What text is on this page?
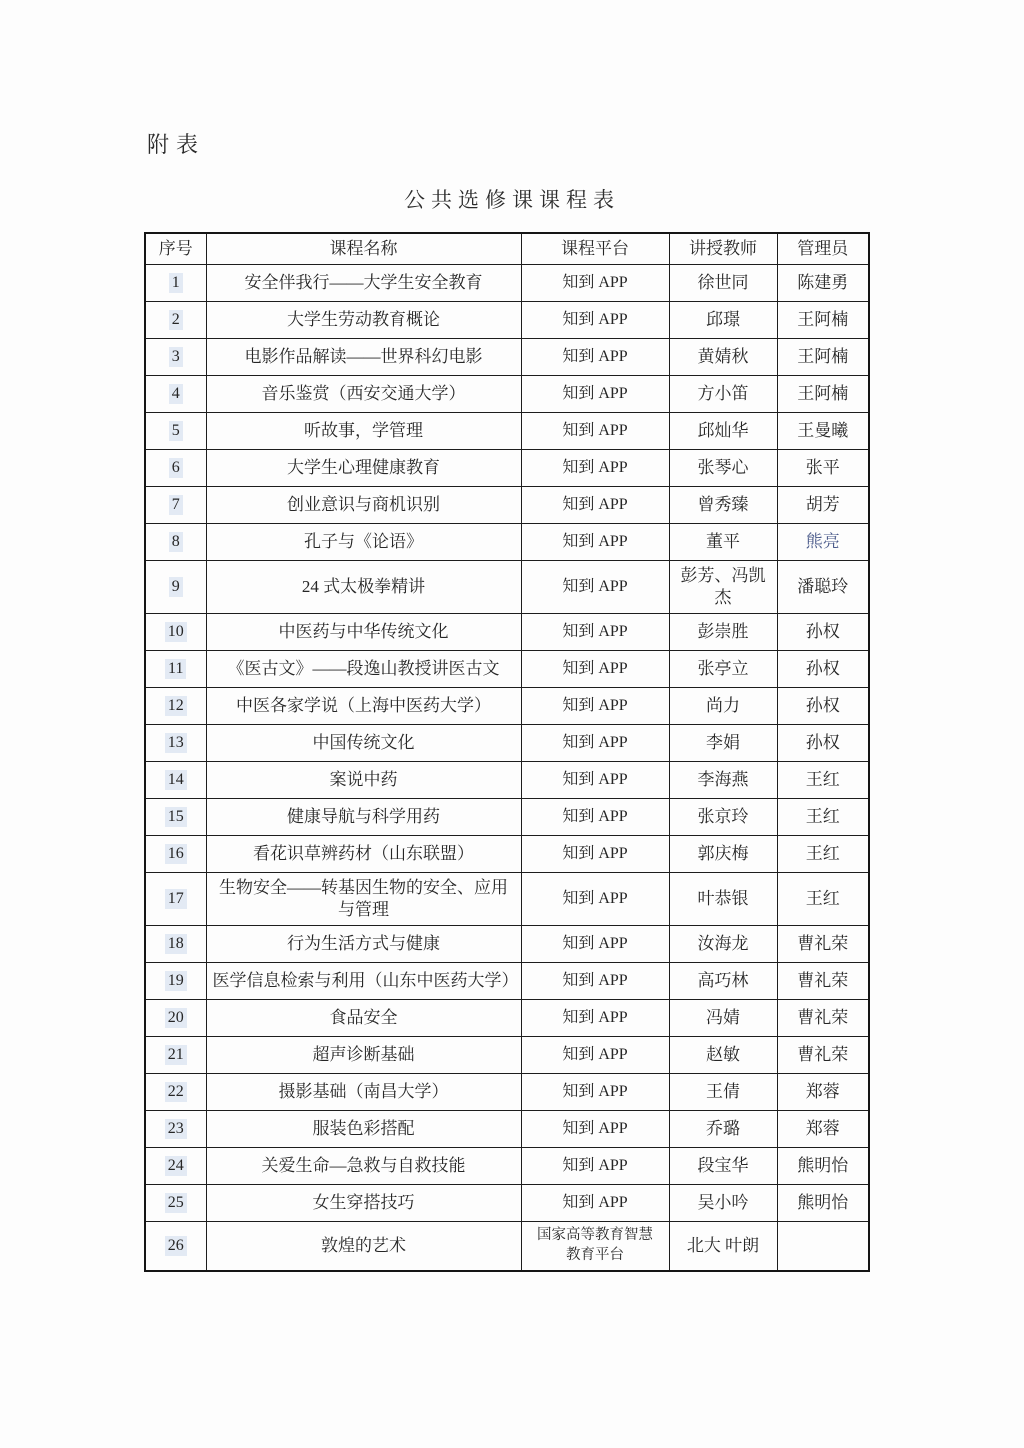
附表
公共选修课课程表
序号	课程名称	课程平台	讲授教师	管理员
1	安全伴我行——大学生安全教育	知到 APP	徐世同	陈建勇
2	大学生劳动教育概论	知到 APP	邱璟	王阿楠
3	电影作品解读——世界科幻电影	知到 APP	黄婧秋	王阿楠
4	音乐鉴赏（西安交通大学）	知到 APP	方小笛	王阿楠
5	听故事，学管理	知到 APP	邱灿华	王曼曦
6	大学生心理健康教育	知到 APP	张琴心	张平
7	创业意识与商机识别	知到 APP	曾秀臻	胡芳
8	孔子与《论语》	知到 APP	董平	熊亮
9	24 式太极拳精讲	知到 APP	彭芳、冯凯杰	潘聪玲
10	中医药与中华传统文化	知到 APP	彭崇胜	孙权
11	《医古文》——段逸山教授讲医古文	知到 APP	张亭立	孙权
12	中医各家学说（上海中医药大学）	知到 APP	尚力	孙权
13	中国传统文化	知到 APP	李娟	孙权
14	案说中药	知到 APP	李海燕	王红
15	健康导航与科学用药	知到 APP	张京玲	王红
16	看花识草辨药材（山东联盟）	知到 APP	郭庆梅	王红
17	生物安全——转基因生物的安全、应用与管理	知到 APP	叶恭银	王红
18	行为生活方式与健康	知到 APP	汝海龙	曹礼荣
19	医学信息检索与利用（山东中医药大学）	知到 APP	高巧林	曹礼荣
20	食品安全	知到 APP	冯婧	曹礼荣
21	超声诊断基础	知到 APP	赵敏	曹礼荣
22	摄影基础（南昌大学）	知到 APP	王倩	郑蓉
23	服装色彩搭配	知到 APP	乔璐	郑蓉
24	关爱生命—急救与自救技能	知到 APP	段宝华	熊明怡
25	女生穿搭技巧	知到 APP	吴小吟	熊明怡
26	敦煌的艺术	国家高等教育智慧教育平台	北大 叶朗	
